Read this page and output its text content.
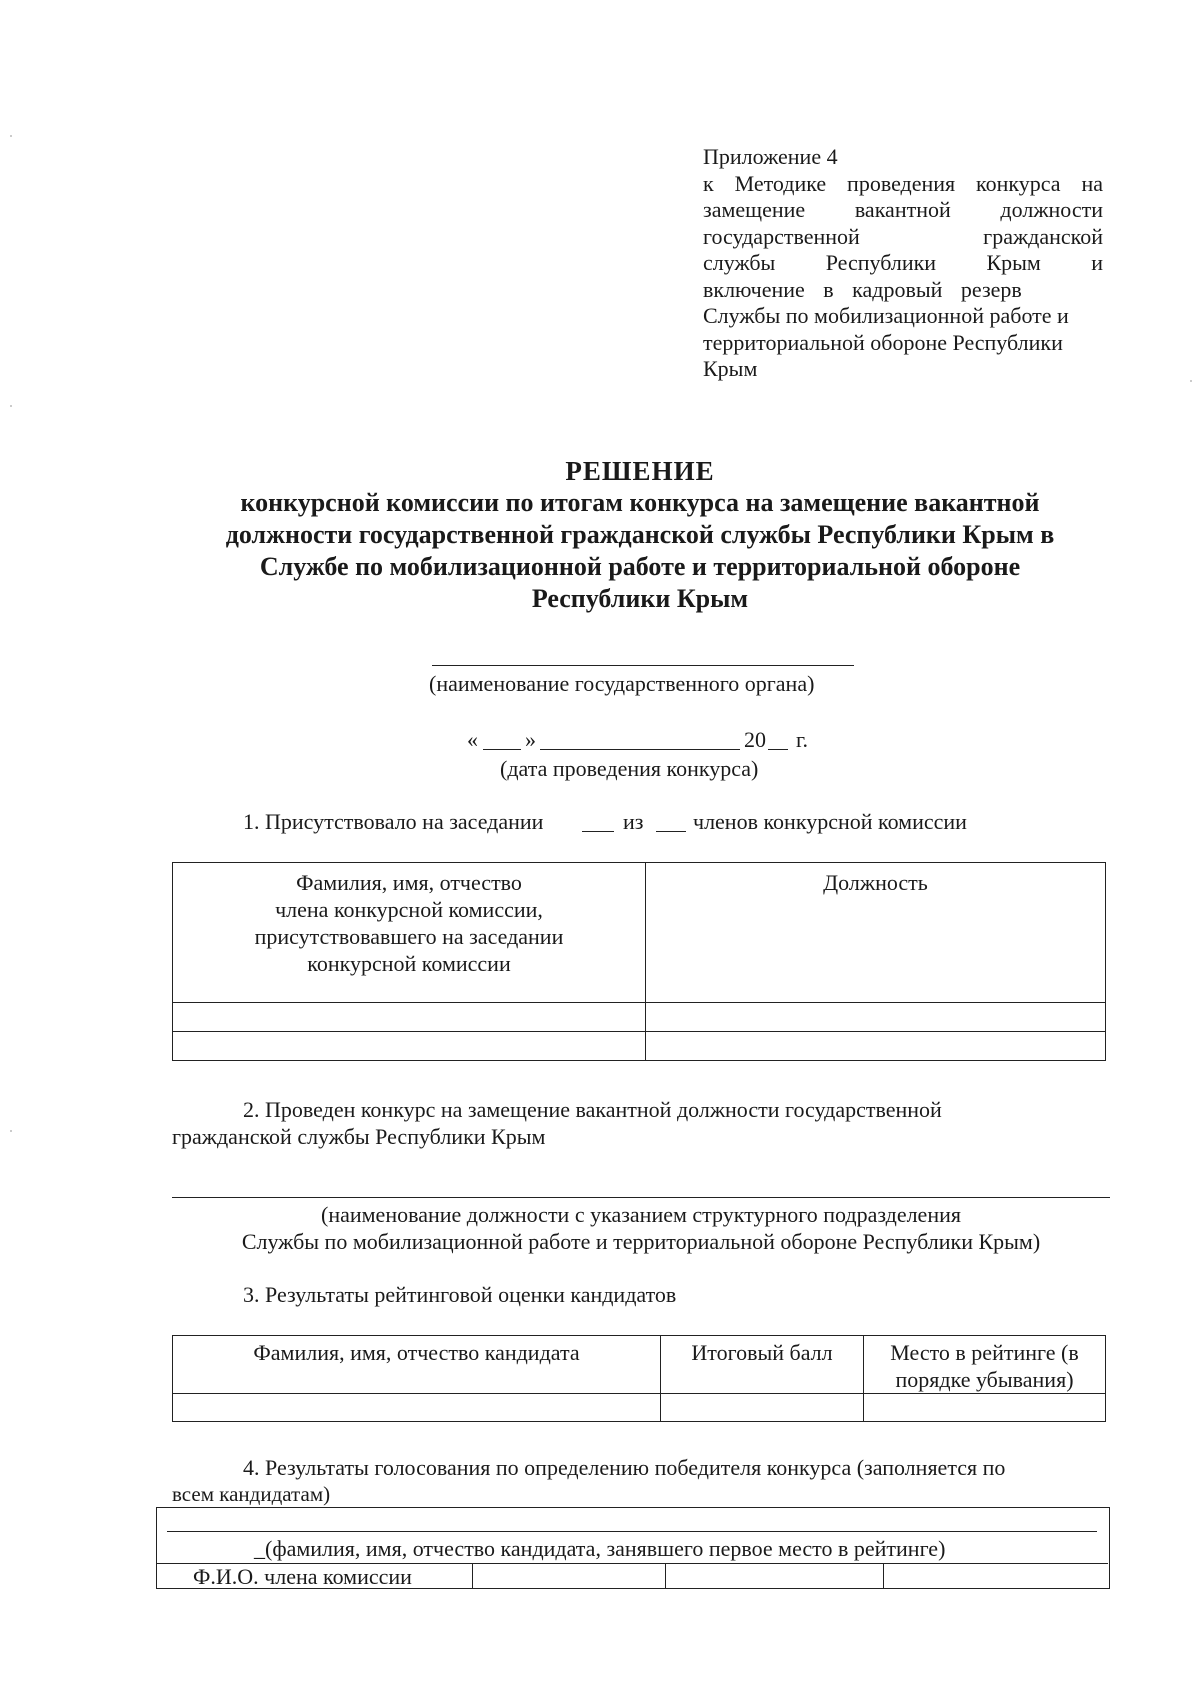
Приложение 4
к Методике проведения конкурса на
замещение вакантной должности
государственной гражданской
службы Республики Крым и
включение в кадровый резерв
Службы по мобилизационной работе и
территориальной обороне Республики
Крым
РЕШЕНИЕ
конкурсной комиссии по итогам конкурса на замещение вакантной
должности государственной гражданской службы Республики Крым в
Службе по мобилизационной работе и территориальной обороне
Республики Крым
(наименование государственного органа)
« »	20 г.
(дата проведения конкурса)
1. Присутствовало на заседании	из членов конкурсной комиссии
Фамилия, имя, отчество
члена конкурсной комиссии,
присутствовавшего на заседании
конкурсной комиссии	Должность

2. Проведен конкурс на замещение вакантной должности государственной
гражданской службы Республики Крым
(наименование должности с указанием структурного подразделения
Службы по мобилизационной работе и территориальной обороне Республики Крым)
3. Результаты рейтинговой оценки кандидатов
Фамилия, имя, отчество кандидата	Итоговый балл	Место в рейтинге (в
порядке убывания)

4. Результаты голосования по определению победителя конкурса (заполняется по
всем кандидатам)
_(фамилия, имя, отчество кандидата, занявшего первое место в рейтинге)
Ф.И.О. члена комиссии
